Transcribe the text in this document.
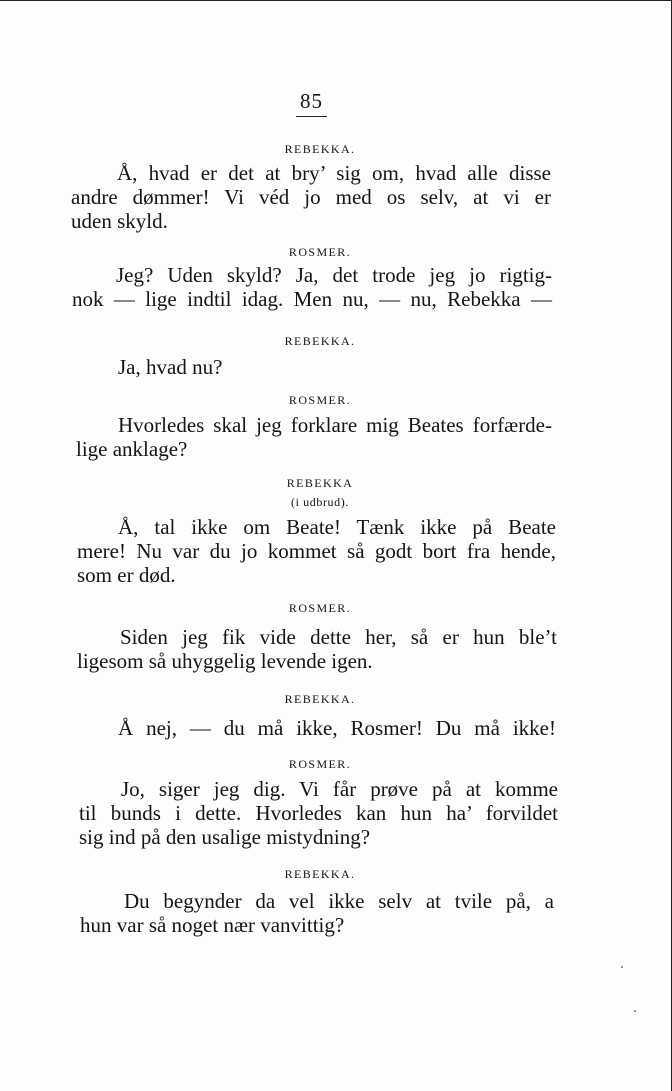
85
REBEKKA.
Å, hvad er det at bry’ sig om, hvad alle disse
andre dømmer! Vi véd jo med os selv, at vi er
uden skyld.
ROSMER.
Jeg? Uden skyld? Ja, det trode jeg jo rigtig-
nok — lige indtil idag. Men nu, — nu, Rebekka —
REBEKKA.
Ja, hvad nu?
ROSMER.
Hvorledes skal jeg forklare mig Beates forfærde-
lige anklage?
REBEKKA
(i udbrud).
Å, tal ikke om Beate! Tænk ikke på Beate
mere! Nu var du jo kommet så godt bort fra hende,
som er død.
ROSMER.
Siden jeg fik vide dette her, så er hun ble’t
ligesom så uhyggelig levende igen.
REBEKKA.
Å nej, — du må ikke, Rosmer! Du må ikke!
ROSMER.
Jo, siger jeg dig. Vi får prøve på at komme
til bunds i dette. Hvorledes kan hun ha’ forvildet
sig ind på den usalige mistydning?
REBEKKA.
Du begynder da vel ikke selv at tvile på, a
hun var så noget nær vanvittig?
